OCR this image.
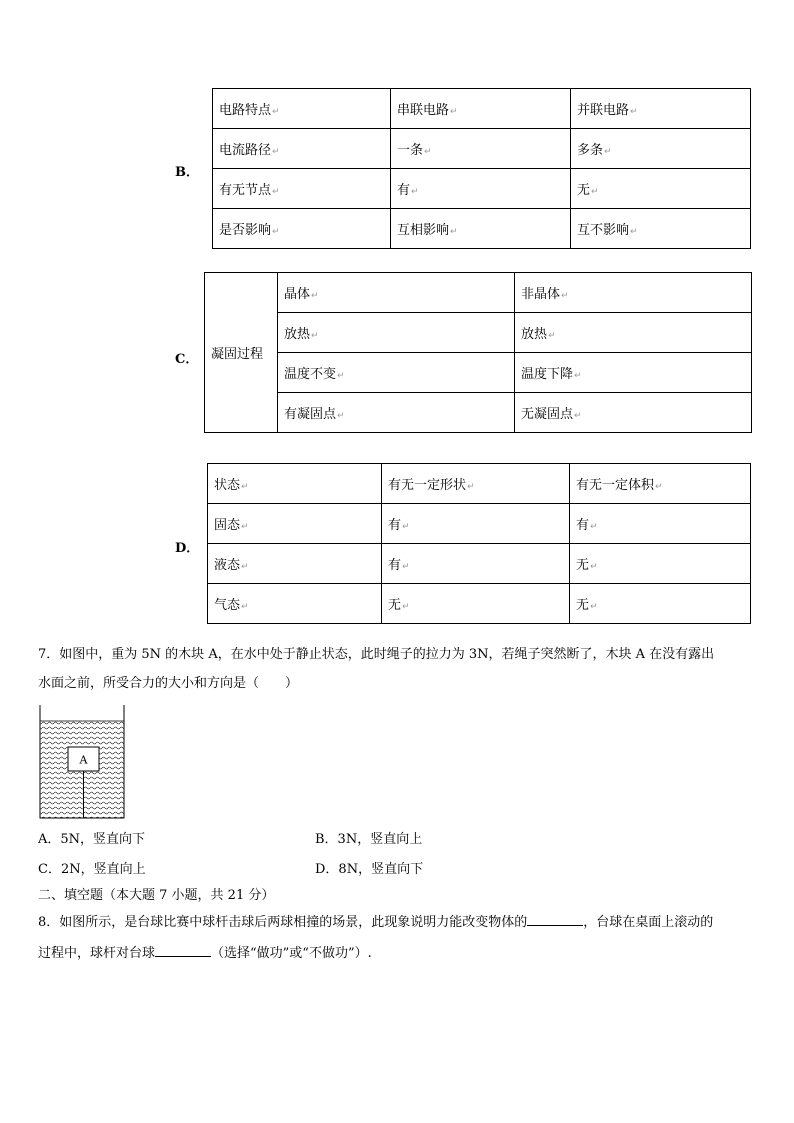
B．
电路特点↵	串联电路↵	并联电路↵
电流路径↵	一条↵	多条↵
有无节点↵	有↵	无↵
是否影响↵	互相影响↵	互不影响↵
C． 凝固过程	晶体↵	非晶体↵
	放热↵	放热↵
	温度不变↵	温度下降↵
	有凝固点↵	无凝固点↵
D．
状态↵	有无一定形状↵	有无一定体积↵
固态↵	有↵	有↵
液态↵	有↵	无↵
气态↵	无↵	无↵
7．如图中，重为 5N 的木块 A，在水中处于静止状态，此时绳子的拉力为 3N，若绳子突然断了，木块 A 在没有露出
水面之前，所受合力的大小和方向是（　　）
A
A．5N，竖直向下	B．3N，竖直向上
C．2N，竖直向上	D．8N，竖直向下
二、填空题（本大题 7 小题，共 21 分）
8．如图所示，是台球比赛中球杆击球后两球相撞的场景，此现象说明力能改变物体的	，台球在桌面上滚动的
过程中，球杆对台球	（选择“做功”或“不做功”）.
